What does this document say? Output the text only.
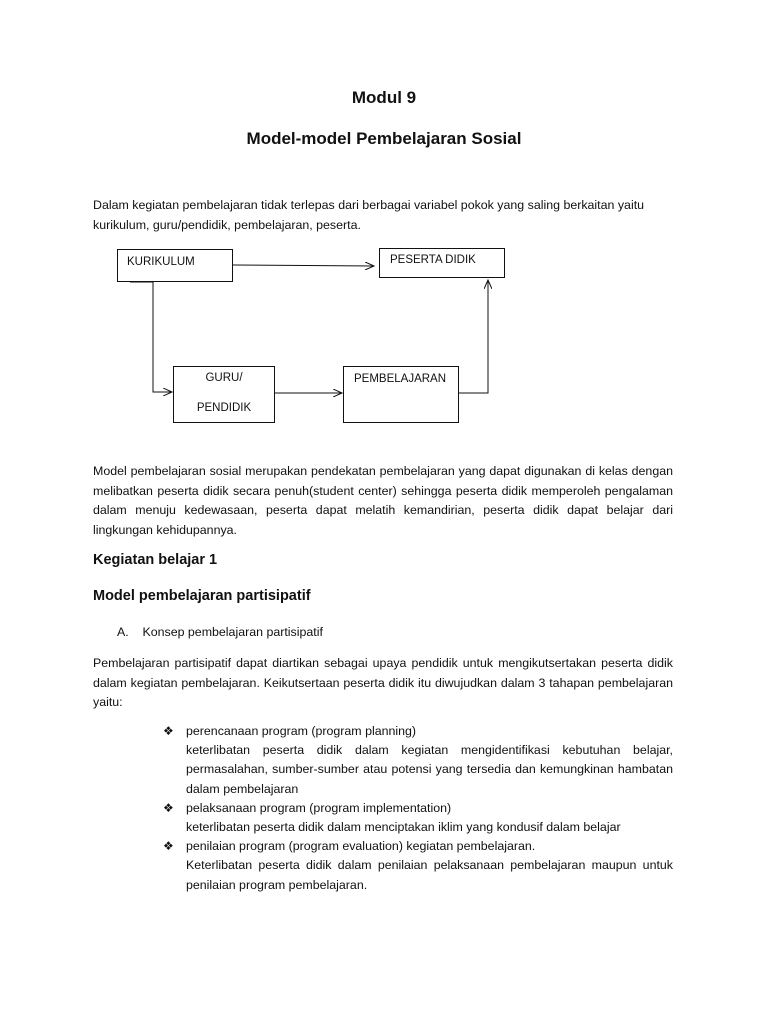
Modul 9
Model-model Pembelajaran Sosial

Dalam kegiatan pembelajaran tidak terlepas dari berbagai variabel pokok yang saling berkaitan yaitu kurikulum, guru/pendidik, pembelajaran, peserta.

KURIKULUM	PESERTA DIDIK
GURU/
PENDIDIK
PEMBELAJARAN

Model pembelajaran sosial merupakan pendekatan pembelajaran yang dapat digunakan di kelas dengan melibatkan peserta didik secara penuh(student center) sehingga peserta didik memperoleh pengalaman dalam menuju kedewasaan, peserta dapat melatih kemandirian, peserta didik dapat belajar dari lingkungan kehidupannya.

Kegiatan belajar 1
Model pembelajaran partisipatif
A. Konsep pembelajaran partisipatif

Pembelajaran partisipatif dapat diartikan sebagai upaya pendidik untuk mengikutsertakan peserta didik dalam kegiatan pembelajaran. Keikutsertaan peserta didik itu diwujudkan dalam 3 tahapan pembelajaran yaitu:

❖ perencanaan program (program planning)
keterlibatan peserta didik dalam kegiatan mengidentifikasi kebutuhan belajar, permasalahan, sumber-sumber atau potensi yang tersedia dan kemungkinan hambatan dalam pembelajaran
❖ pelaksanaan program (program implementation)
keterlibatan peserta didik dalam menciptakan iklim yang kondusif dalam belajar
❖ penilaian program (program evaluation) kegiatan pembelajaran.
Keterlibatan peserta didik dalam penilaian pelaksanaan pembelajaran maupun untuk penilaian program pembelajaran.
